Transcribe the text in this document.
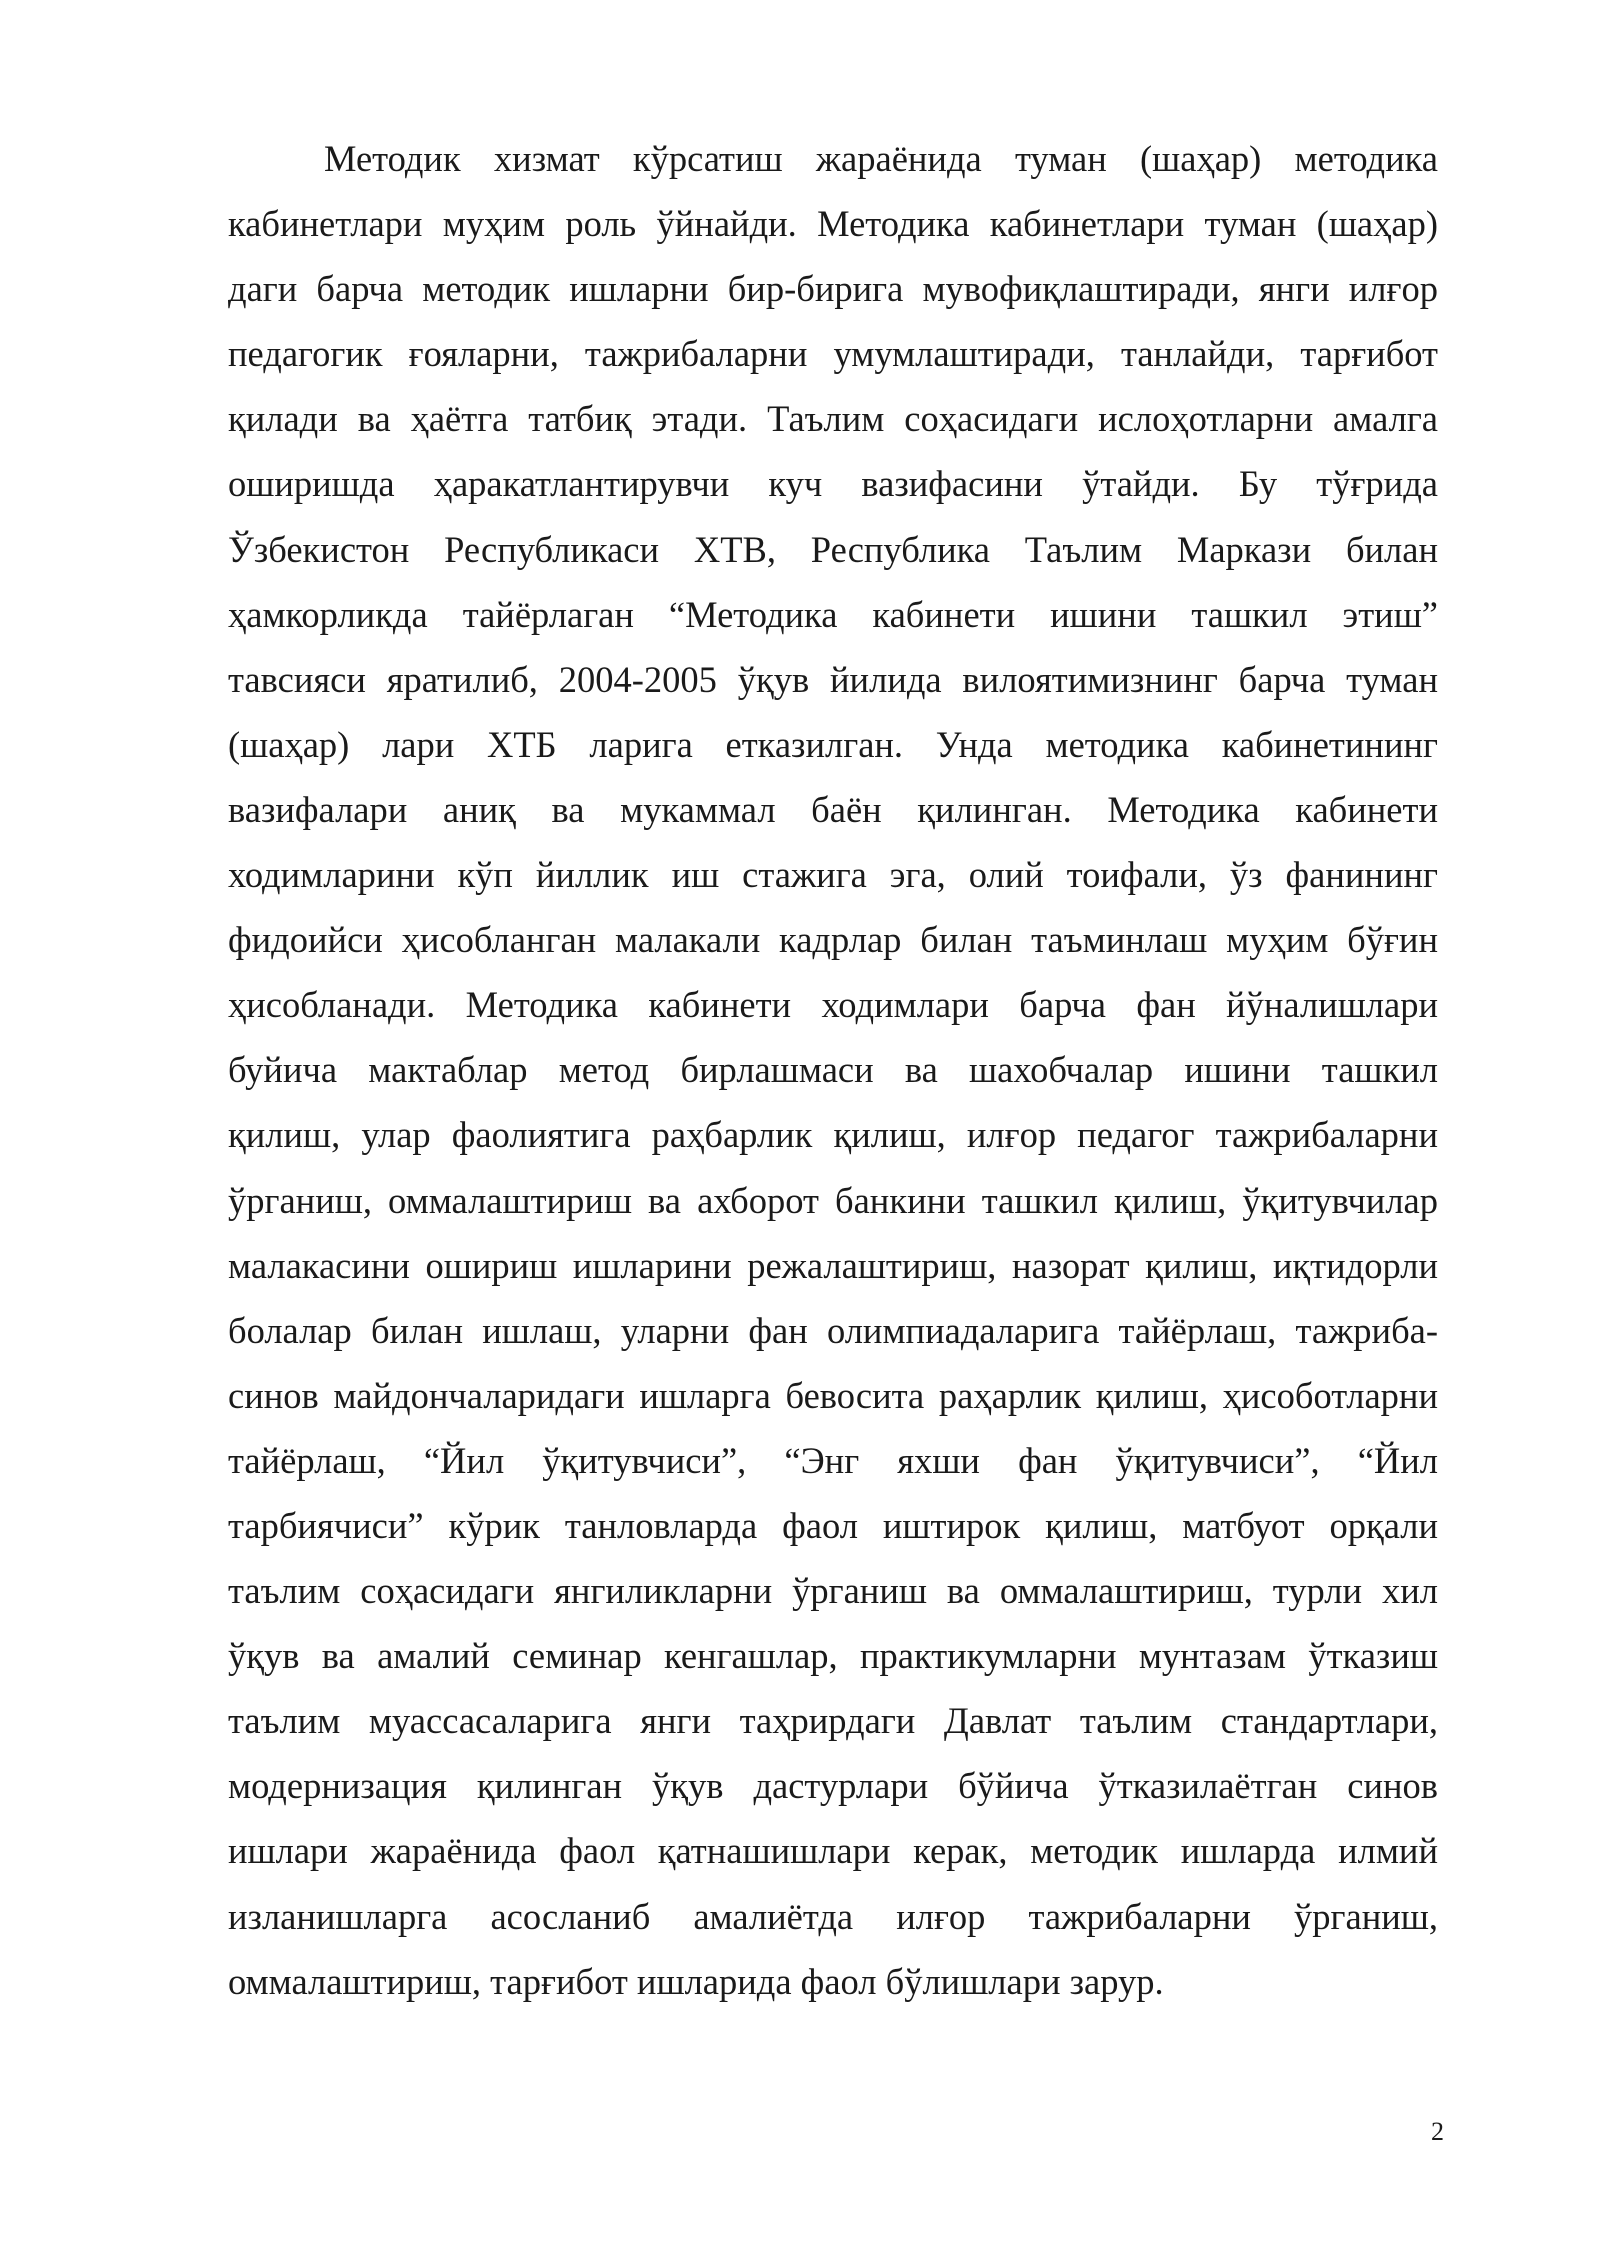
Методик хизмат кўрсатиш жараёнида туман (шаҳар) методика
кабинетлари муҳим роль ўйнайди. Методика кабинетлари туман (шаҳар)
даги барча методик ишларни бир-бирига мувофиқлаштиради, янги илғор
педагогик ғояларни, тажрибаларни умумлаштиради, танлайди, тарғибот
қилади ва ҳаётга татбиқ этади. Таълим соҳасидаги ислоҳотларни амалга
оширишда ҳаракатлантирувчи куч вазифасини ўтайди. Бу тўғрида
Ўзбекистон Республикаси ХТВ, Республика Таълим Маркази билан
ҳамкорликда тайёрлаган “Методика кабинети ишини ташкил этиш”
тавсияси яратилиб, 2004-2005 ўқув йилида вилоятимизнинг барча туман
(шаҳар) лари ХТБ ларига етказилган. Унда методика кабинетининг
вазифалари аниқ ва мукаммал баён қилинган. Методика кабинети
ходимларини кўп йиллик иш стажига эга, олий тоифали, ўз фанининг
фидоийси ҳисобланган малакали кадрлар билан таъминлаш муҳим бўғин
ҳисобланади. Методика кабинети ходимлари барча фан йўналишлари
буйича мактаблар метод бирлашмаси ва шахобчалар ишини ташкил
қилиш, улар фаолиятига раҳбарлик қилиш, илғор педагог тажрибаларни
ўрганиш, оммалаштириш ва ахборот банкини ташкил қилиш, ўқитувчилар
малакасини ошириш ишларини режалаштириш, назорат қилиш, иқтидорли
болалар билан ишлаш, уларни фан олимпиадаларига тайёрлаш, тажриба-
синов майдончаларидаги ишларга бевосита раҳарлик қилиш, ҳисоботларни
тайёрлаш, “Йил ўқитувчиси”, “Энг яхши фан ўқитувчиси”, “Йил
тарбиячиси” кўрик танловларда фаол иштирок қилиш, матбуот орқали
таълим соҳасидаги янгиликларни ўрганиш ва оммалаштириш, турли хил
ўқув ва амалий семинар кенгашлар, практикумларни мунтазам ўтказиш
таълим муассасаларига янги таҳрирдаги Давлат таълим стандартлари,
модернизация қилинган ўқув дастурлари бўйича ўтказилаётган синов
ишлари жараёнида фаол қатнашишлари керак, методик ишларда илмий
изланишларга асосланиб амалиётда илғор тажрибаларни ўрганиш,
оммалаштириш, тарғибот ишларида фаол бўлишлари зарур.
2
